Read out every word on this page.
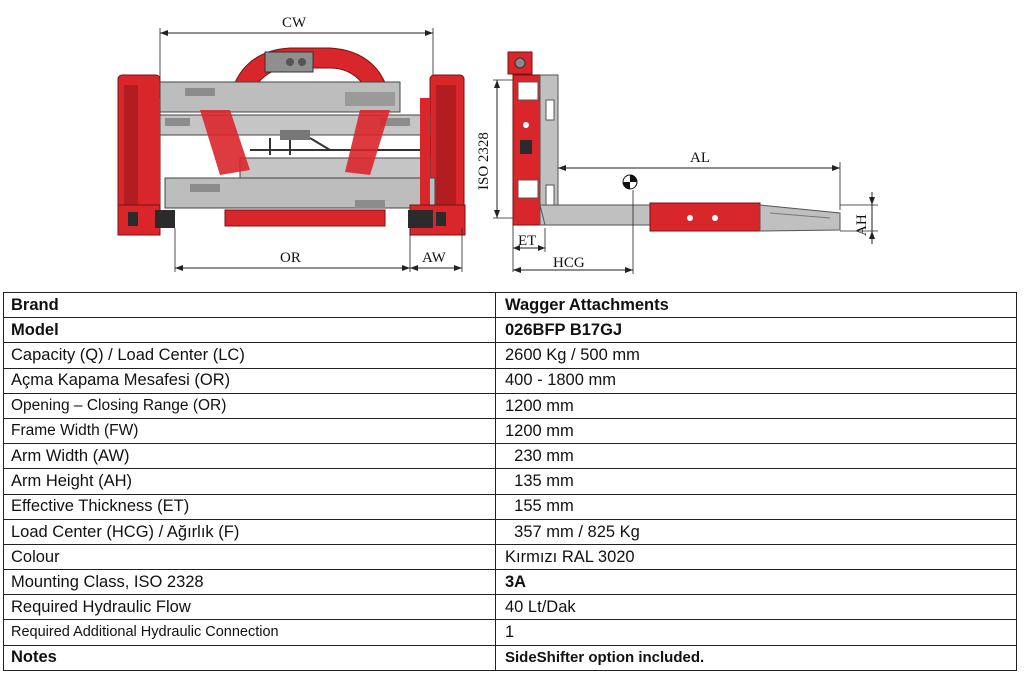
CW
OR	AW
ISO 2328	AL
AH
ET
HCG
Brand	Wagger Attachments
Model	026BFP B17GJ
Capacity (Q) / Load Center (LC)	2600 Kg / 500 mm
Açma Kapama Mesafesi (OR)	400 - 1800 mm
Opening – Closing Range (OR)	1200 mm
Frame Width (FW)	1200 mm
Arm Width (AW)	230 mm
Arm Height (AH)	135 mm
Effective Thickness (ET)	155 mm
Load Center (HCG) / Ağırlık (F)	357 mm / 825 Kg
Colour	Kırmızı RAL 3020
Mounting Class, ISO 2328	3A
Required Hydraulic Flow	40 Lt/Dak
Required Additional Hydraulic Connection	1
Notes	SideShifter option included.
